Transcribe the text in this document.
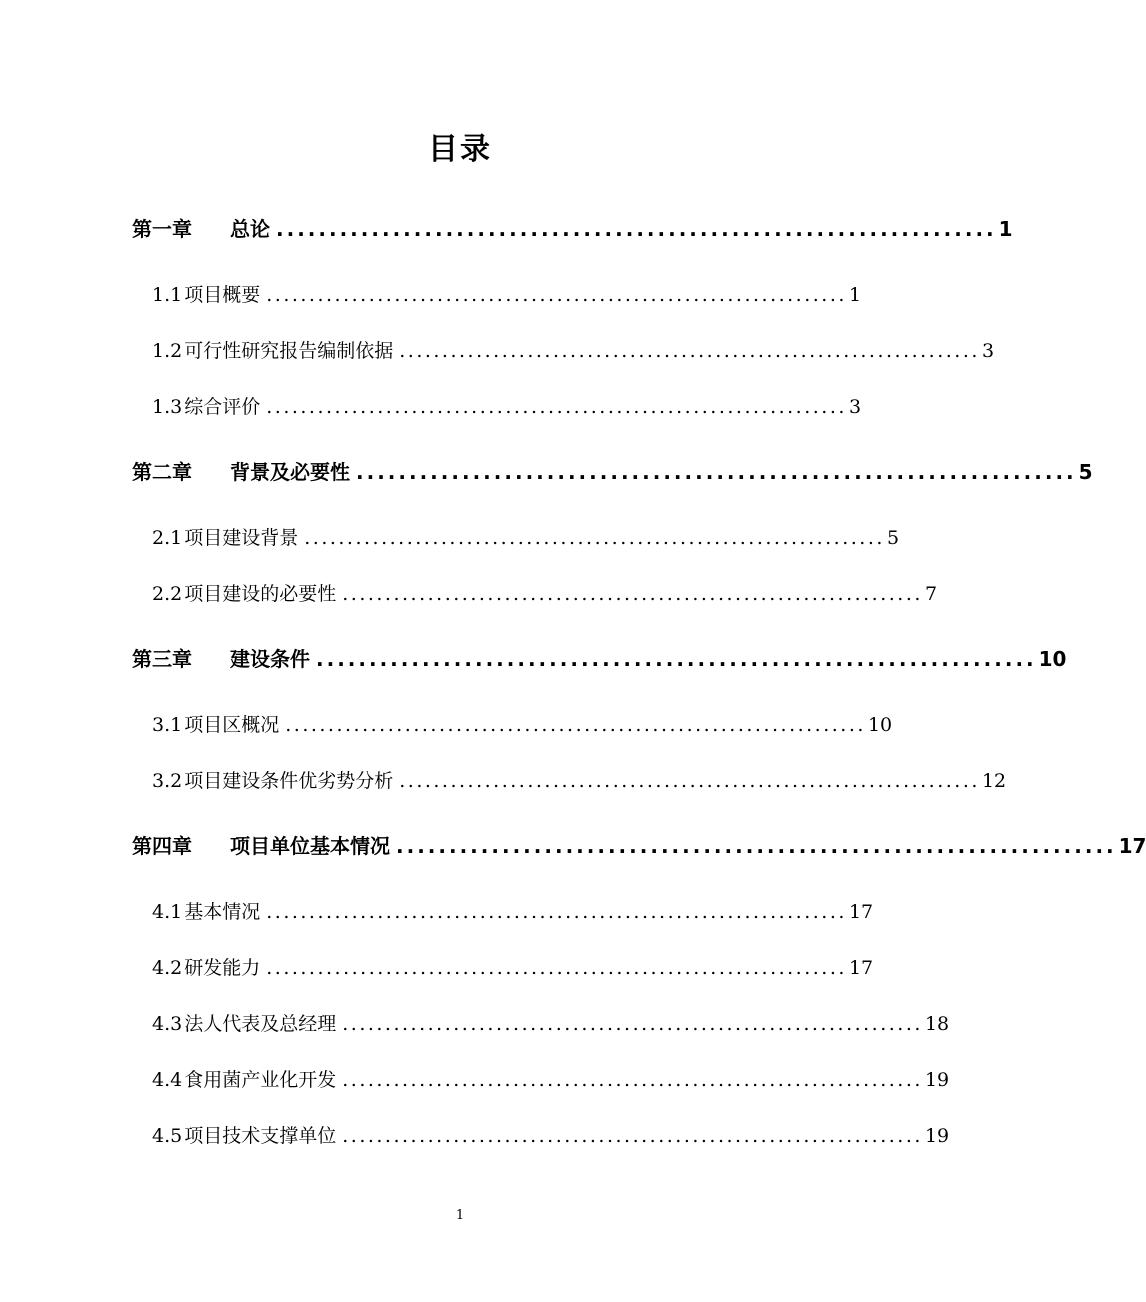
目录
第一章	总论 .................................................................... 1
1.1 项目概要 .................................................................... 1
1.2 可行性研究报告编制依据 .................................................................... 3
1.3 综合评价 .................................................................... 3
第二章	背景及必要性 .................................................................... 5
2.1 项目建设背景 .................................................................... 5
2.2 项目建设的必要性 .................................................................... 7
第三章	建设条件 .................................................................... 10
3.1 项目区概况 .................................................................... 10
3.2 项目建设条件优劣势分析 .................................................................... 12
第四章	项目单位基本情况 .................................................................... 17
4.1 基本情况 .................................................................... 17
4.2 研发能力 .................................................................... 17
4.3 法人代表及总经理 .................................................................... 18
4.4 食用菌产业化开发 .................................................................... 19
4.5 项目技术支撑单位 .................................................................... 19
1
